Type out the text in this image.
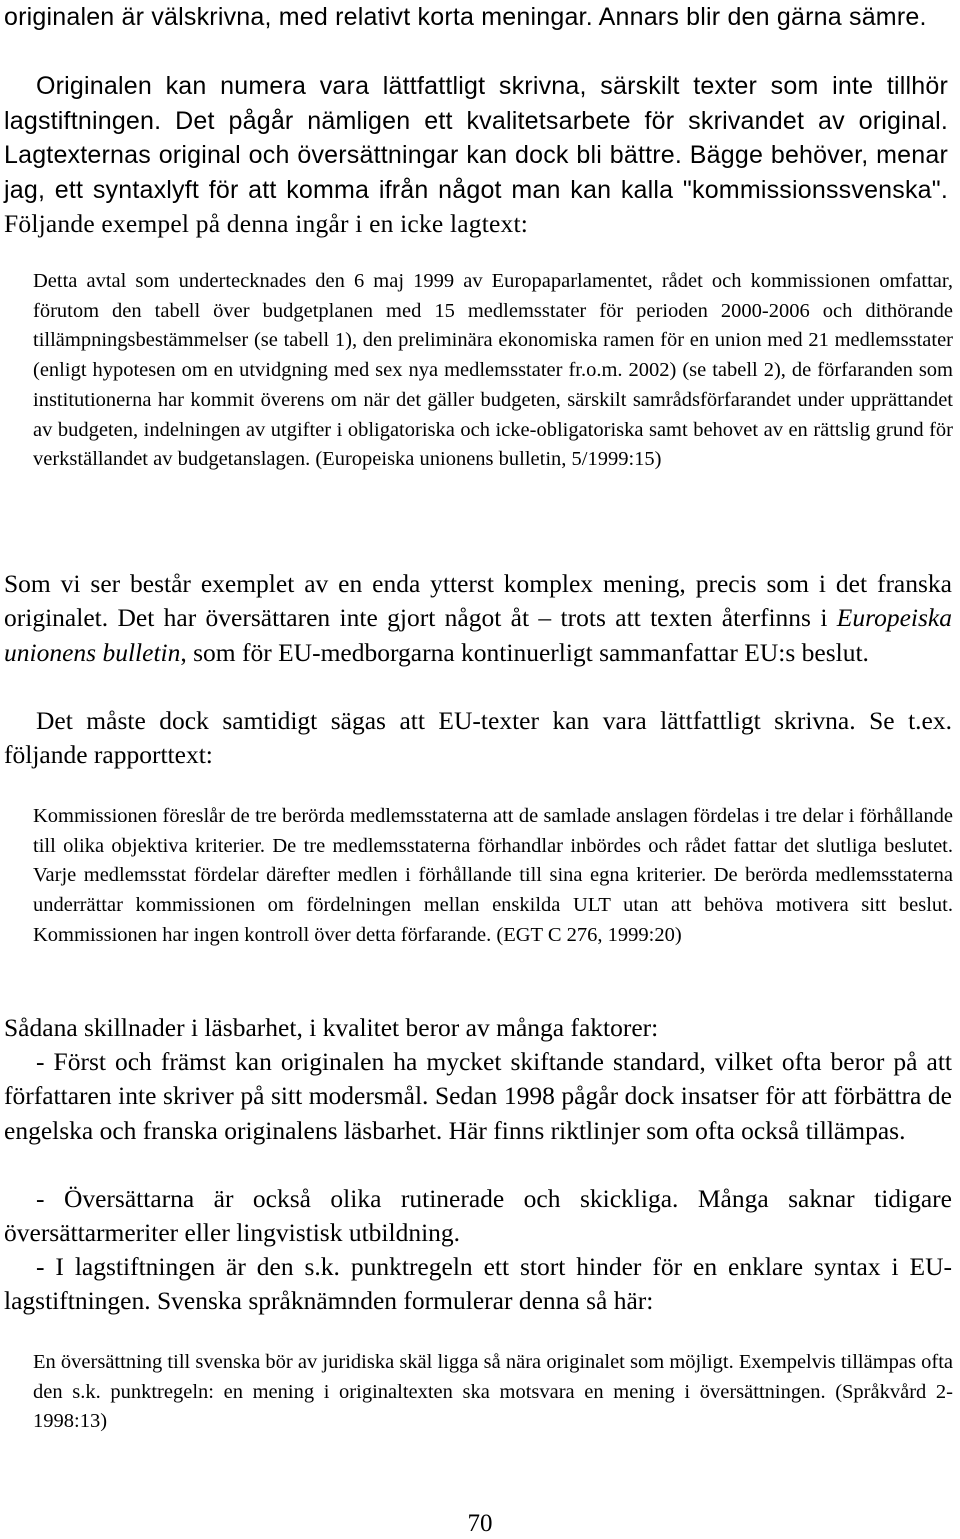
originalen är välskrivna, med relativt korta meningar. Annars blir den gärna sämre.

Originalen kan numera vara lättfattligt skrivna, särskilt texter som inte tillhör lagstiftningen. Det pågår nämligen ett kvalitetsarbete för skrivandet av original. Lagtexternas original och översättningar kan dock bli bättre. Bägge behöver, menar jag, ett syntaxlyft för att komma ifrån något man kan kalla "kommissionssvenska". Följande exempel på denna ingår i en icke lagtext:

Detta avtal som undertecknades den 6 maj 1999 av Europaparlamentet, rådet och kommissionen omfattar, förutom den tabell över budgetplanen med 15 medlemsstater för perioden 2000-2006 och dithörande tillämpningsbestämmelser (se tabell 1), den preliminära ekonomiska ramen för en union med 21 medlemsstater (enligt hypotesen om en utvidgning med sex nya medlemsstater fr.o.m. 2002) (se tabell 2), de förfaranden som institutionerna har kommit överens om när det gäller budgeten, särskilt samrådsförfarandet under upprättandet av budgeten, indelningen av utgifter i obligatoriska och icke-obligatoriska samt behovet av en rättslig grund för verkställandet av budgetanslagen. (Europeiska unionens bulletin, 5/1999:15)

Som vi ser består exemplet av en enda ytterst komplex mening, precis som i det franska originalet. Det har översättaren inte gjort något åt – trots att texten återfinns i Europeiska unionens bulletin, som för EU-medborgarna kontinuerligt sammanfattar EU:s beslut.

Det måste dock samtidigt sägas att EU-texter kan vara lättfattligt skrivna. Se t.ex. följande rapporttext:

Kommissionen föreslår de tre berörda medlemsstaterna att de samlade anslagen fördelas i tre delar i förhållande till olika objektiva kriterier. De tre medlemsstaterna förhandlar inbördes och rådet fattar det slutliga beslutet. Varje medlemsstat fördelar därefter medlen i förhållande till sina egna kriterier. De berörda medlemsstaterna underrättar kommissionen om fördelningen mellan enskilda ULT utan att behöva motivera sitt beslut. Kommissionen har ingen kontroll över detta förfarande. (EGT C 276, 1999:20)

Sådana skillnader i läsbarhet, i kvalitet beror av många faktorer:

- Först och främst kan originalen ha mycket skiftande standard, vilket ofta beror på att författaren inte skriver på sitt modersmål. Sedan 1998 pågår dock insatser för att förbättra de engelska och franska originalens läsbarhet. Här finns riktlinjer som ofta också tillämpas.

- Översättarna är också olika rutinerade och skickliga. Många saknar tidigare översättarmeriter eller lingvistisk utbildning.

- I lagstiftningen är den s.k. punktregeln ett stort hinder för en enklare syntax i EU-lagstiftningen. Svenska språknämnden formulerar denna så här:

En översättning till svenska bör av juridiska skäl ligga så nära originalet som möjligt. Exempelvis tillämpas ofta den s.k. punktregeln: en mening i originaltexten ska motsvara en mening i översättningen. (Språkvård 2-1998:13)

70
